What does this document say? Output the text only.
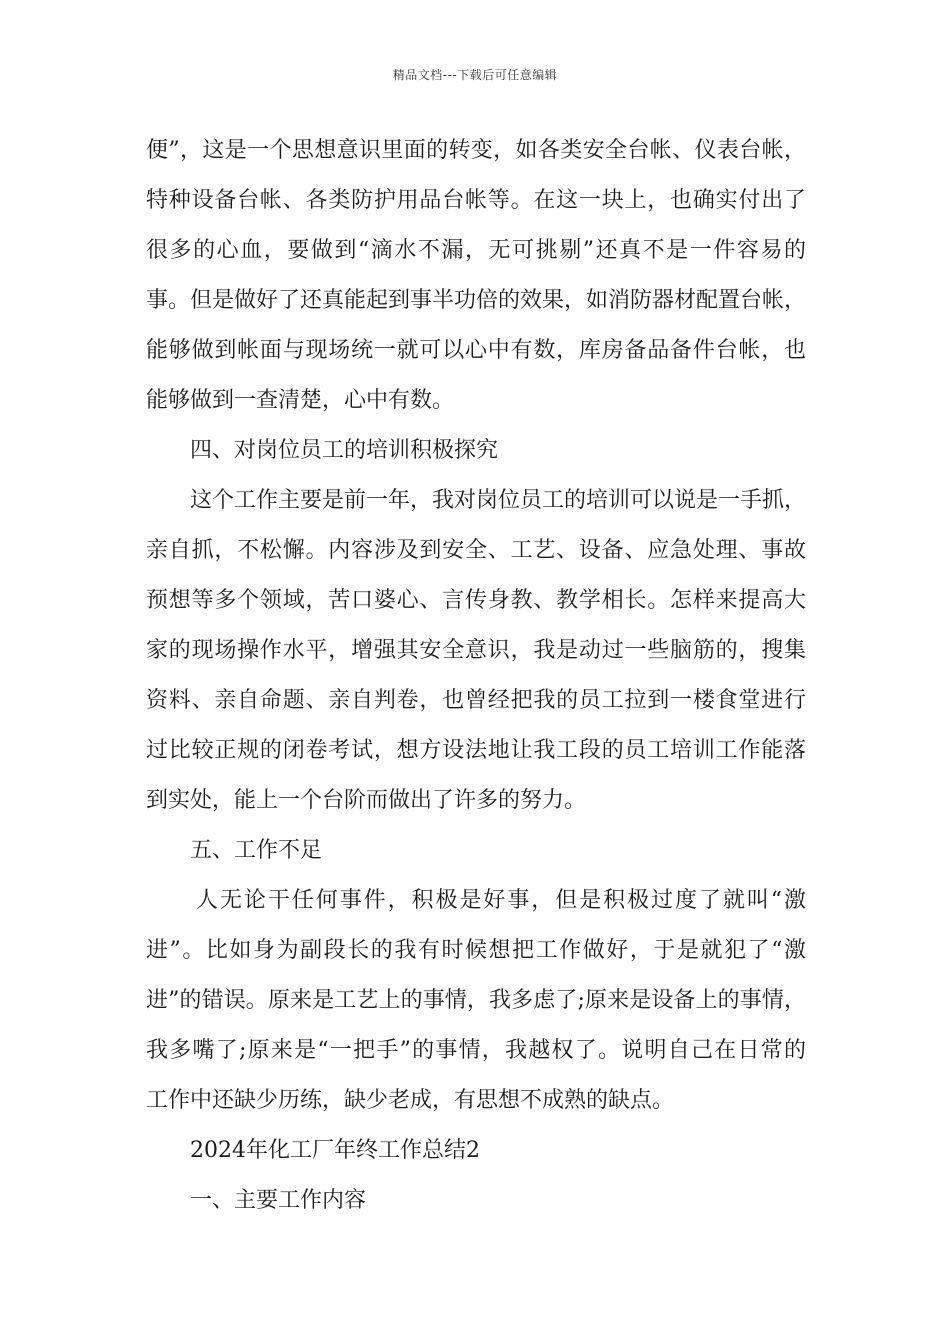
精品文档---下载后可任意编辑
便”，这是一个思想意识里面的转变，如各类安全台帐、仪表台帐，
特种设备台帐、各类防护用品台帐等。在这一块上，也确实付出了
很多的心血，要做到“滴水不漏，无可挑剔”还真不是一件容易的
事。但是做好了还真能起到事半功倍的效果，如消防器材配置台帐，
能够做到帐面与现场统一就可以心中有数，库房备品备件台帐，也
能够做到一查清楚，心中有数。
四、对岗位员工的培训积极探究
这个工作主要是前一年，我对岗位员工的培训可以说是一手抓，
亲自抓，不松懈。内容涉及到安全、工艺、设备、应急处理、事故
预想等多个领域，苦口婆心、言传身教、教学相长。怎样来提高大
家的现场操作水平，增强其安全意识，我是动过一些脑筋的，搜集
资料、亲自命题、亲自判卷，也曾经把我的员工拉到一楼食堂进行
过比较正规的闭卷考试，想方设法地让我工段的员工培训工作能落
到实处，能上一个台阶而做出了许多的努力。
五、工作不足
人无论干任何事件，积极是好事，但是积极过度了就叫“激
进”。比如身为副段长的我有时候想把工作做好，于是就犯了“激
进”的错误。原来是工艺上的事情，我多虑了;原来是设备上的事情，
我多嘴了;原来是“一把手”的事情，我越权了。说明自己在日常的
工作中还缺少历练，缺少老成，有思想不成熟的缺点。
2024年化工厂年终工作总结2
一、主要工作内容
